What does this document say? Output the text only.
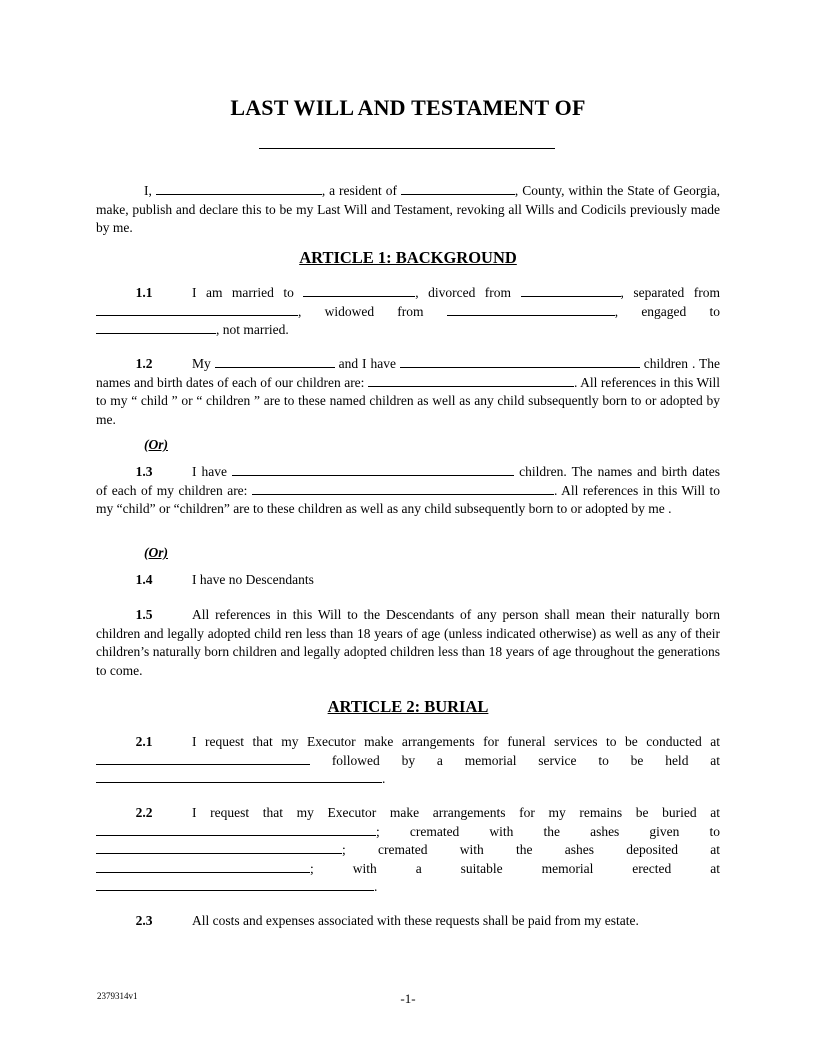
LAST WILL AND TESTAMENT OF
I,	, a resident of	, County, within the State of Georgia, make, publish and declare this to be my Last Will and Testament, revoking all Wills and Codicils previously made by me.
ARTICLE 1: BACKGROUND
1.1	I am married to	, divorced from	, separated from , widowed from	, engaged to , not married.
1.2	My	and I have	children . The names and birth dates of each of our children are:	. All references in this Will to my “ child ” or “ children ” are to these named children as well as any child subsequently born to or adopted by me.
(Or)
1.3	I have	children. The names and birth dates of each of my children are:	. All references in this Will to my “child” or “children” are to these children as well as any child subsequently born to or adopted by me .
(Or)
1.4	I have no Descendants
1.5	All references in this Will to the Descendants of any person shall mean their naturally born children and legally adopted child ren less than 18 years of age (unless indicated otherwise) as well as any of their children’s naturally born children and legally adopted children less than 18 years of age throughout the generations to come.
ARTICLE 2: BURIAL
2.1	I request that my Executor make arrangements for funeral services to be conducted at  followed by a memorial service to be held at .
2.2	I request that my Executor make arrangements for my remains be buried at ; cremated with the ashes given to ; cremated with the ashes deposited at ; with a suitable memorial erected at .
2.3	All costs and expenses associated with these requests shall be paid from my estate.
2379314v1	-1-
